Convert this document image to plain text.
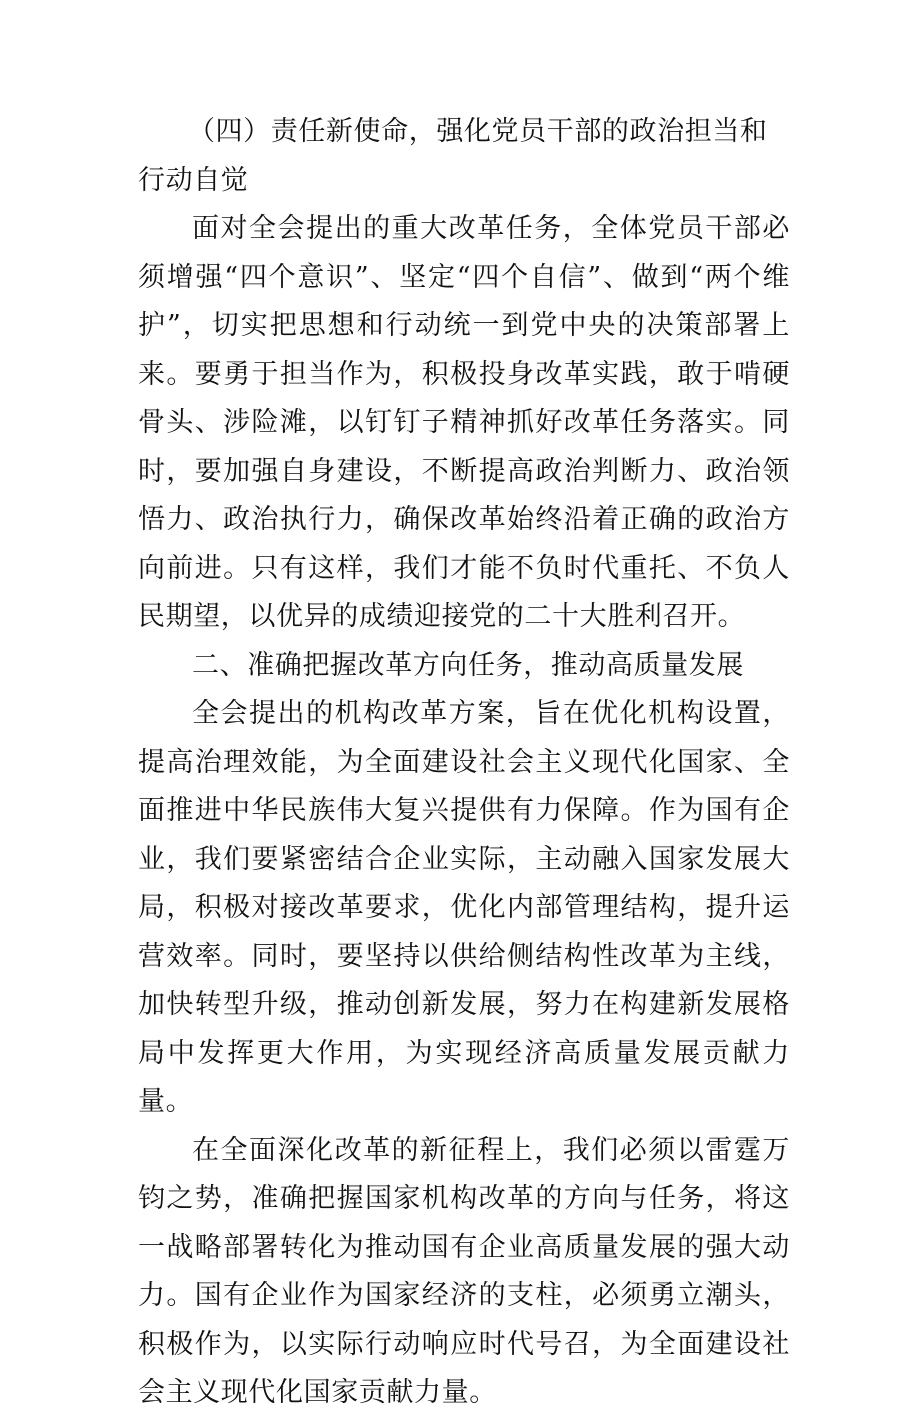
（四）责任新使命，强化党员干部的政治担当和行动自觉

面对全会提出的重大改革任务，全体党员干部必须增强“四个意识”、坚定“四个自信”、做到“两个维护”，切实把思想和行动统一到党中央的决策部署上来。要勇于担当作为，积极投身改革实践，敢于啃硬骨头、涉险滩，以钉钉子精神抓好改革任务落实。同时，要加强自身建设，不断提高政治判断力、政治领悟力、政治执行力，确保改革始终沿着正确的政治方向前进。只有这样，我们才能不负时代重托、不负人民期望，以优异的成绩迎接党的二十大胜利召开。

二、准确把握改革方向任务，推动高质量发展

全会提出的机构改革方案，旨在优化机构设置，提高治理效能，为全面建设社会主义现代化国家、全面推进中华民族伟大复兴提供有力保障。作为国有企业，我们要紧密结合企业实际，主动融入国家发展大局，积极对接改革要求，优化内部管理结构，提升运营效率。同时，要坚持以供给侧结构性改革为主线，加快转型升级，推动创新发展，努力在构建新发展格局中发挥更大作用，为实现经济高质量发展贡献力量。

在全面深化改革的新征程上，我们必须以雷霆万钧之势，准确把握国家机构改革的方向与任务，将这一战略部署转化为推动国有企业高质量发展的强大动力。国有企业作为国家经济的支柱，必须勇立潮头，积极作为，以实际行动响应时代号召，为全面建设社会主义现代化国家贡献力量。
